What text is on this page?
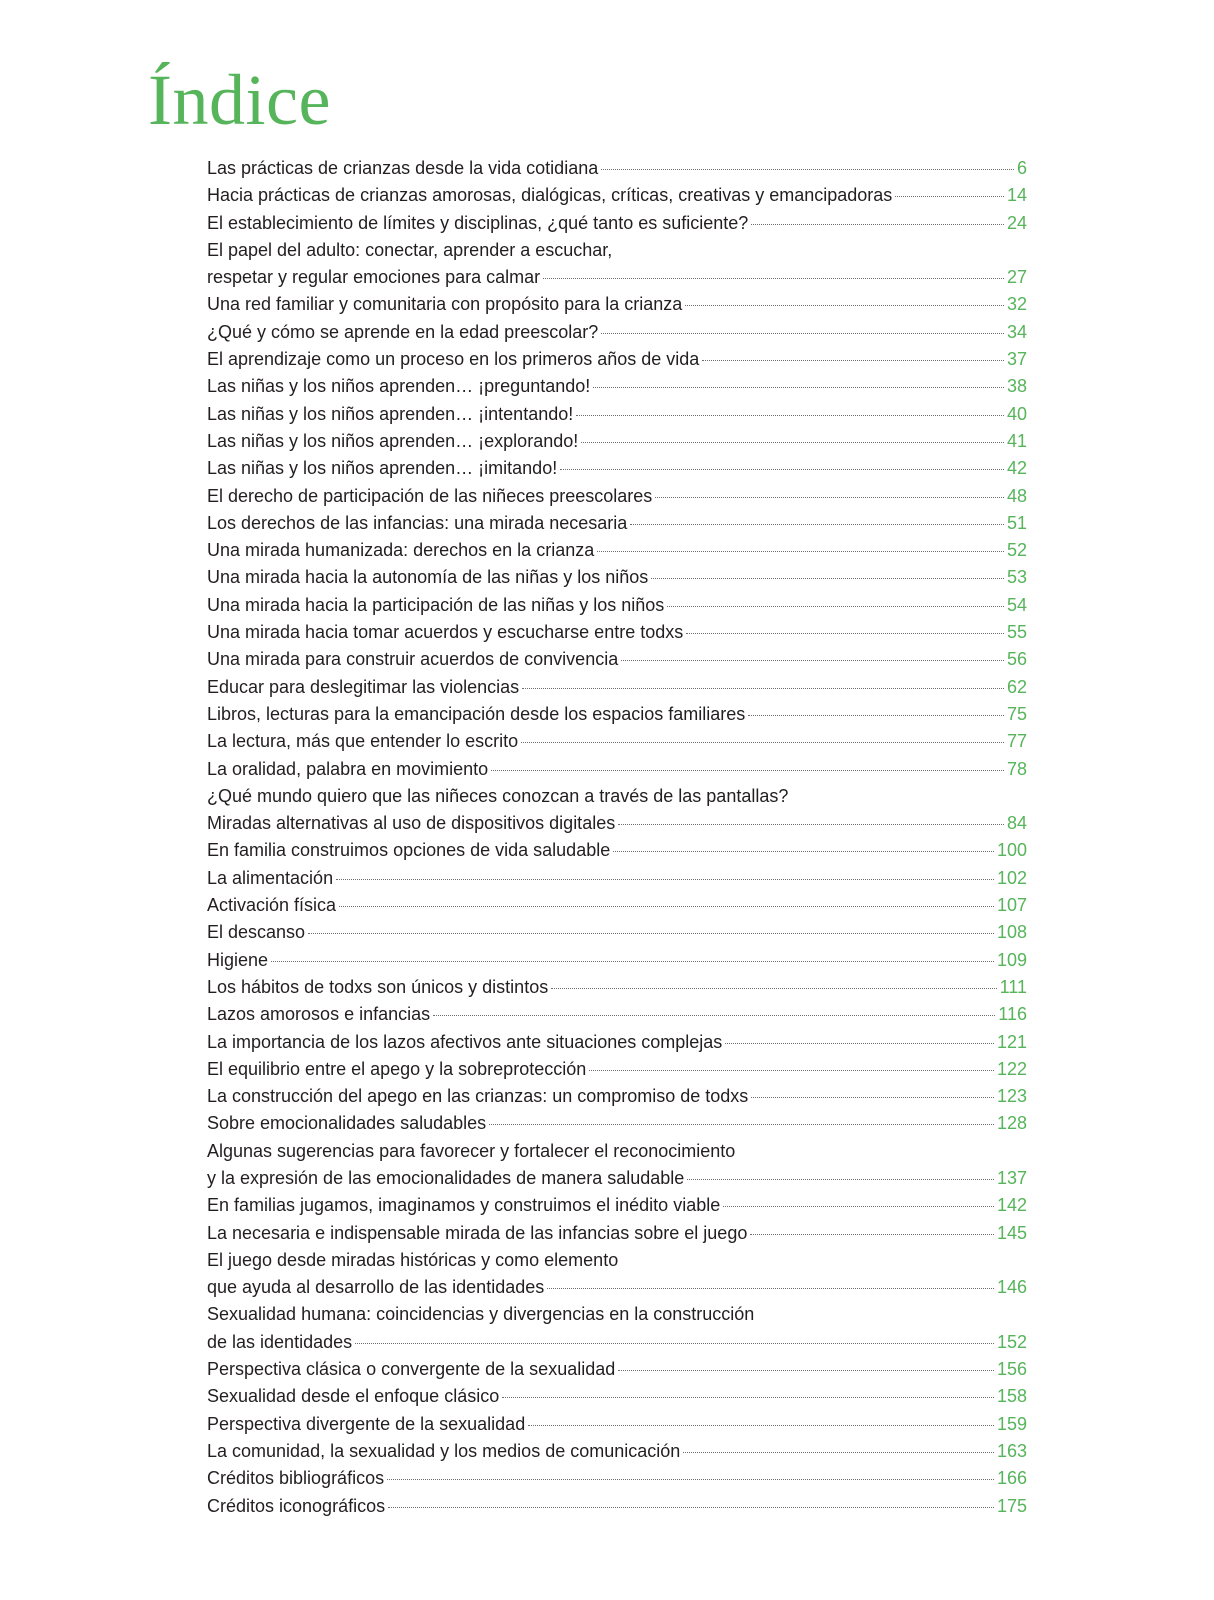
Índice
Las prácticas de crianzas desde la vida cotidiana	6
Hacia prácticas de crianzas amorosas, dialógicas, críticas, creativas y emancipadoras	14
El establecimiento de límites y disciplinas, ¿qué tanto es suficiente?	24
El papel del adulto: conectar, aprender a escuchar,
respetar y regular emociones para calmar	27
Una red familiar y comunitaria con propósito para la crianza	32
¿Qué y cómo se aprende en la edad preescolar?	34
El aprendizaje como un proceso en los primeros años de vida	37
Las niñas y los niños aprenden… ¡preguntando!	38
Las niñas y los niños aprenden… ¡intentando!	40
Las niñas y los niños aprenden… ¡explorando!	41
Las niñas y los niños aprenden… ¡imitando!	42
El derecho de participación de las niñeces preescolares	48
Los derechos de las infancias: una mirada necesaria	51
Una mirada humanizada: derechos en la crianza	52
Una mirada hacia la autonomía de las niñas y los niños	53
Una mirada hacia la participación de las niñas y los niños	54
Una mirada hacia tomar acuerdos y escucharse entre todxs	55
Una mirada para construir acuerdos de convivencia	56
Educar para deslegitimar las violencias	62
Libros, lecturas para la emancipación desde los espacios familiares	75
La lectura, más que entender lo escrito	77
La oralidad, palabra en movimiento	78
¿Qué mundo quiero que las niñeces conozcan a través de las pantallas?
Miradas alternativas al uso de dispositivos digitales	84
En familia construimos opciones de vida saludable	100
La alimentación	102
Activación física	107
El descanso	108
Higiene	109
Los hábitos de todxs son únicos y distintos	111
Lazos amorosos e infancias	116
La importancia de los lazos afectivos ante situaciones complejas	121
El equilibrio entre el apego y la sobreprotección	122
La construcción del apego en las crianzas: un compromiso de todxs	123
Sobre emocionalidades saludables	128
Algunas sugerencias para favorecer y fortalecer el reconocimiento
y la expresión de las emocionalidades de manera saludable	137
En familias jugamos, imaginamos y construimos el inédito viable	142
La necesaria e indispensable mirada de las infancias sobre el juego	145
El juego desde miradas históricas y como elemento
que ayuda al desarrollo de las identidades	146
Sexualidad humana: coincidencias y divergencias en la construcción
de las identidades	152
Perspectiva clásica o convergente de la sexualidad	156
Sexualidad desde el enfoque clásico	158
Perspectiva divergente de la sexualidad	159
La comunidad, la sexualidad y los medios de comunicación	163
Créditos bibliográficos	166
Créditos iconográficos	175
